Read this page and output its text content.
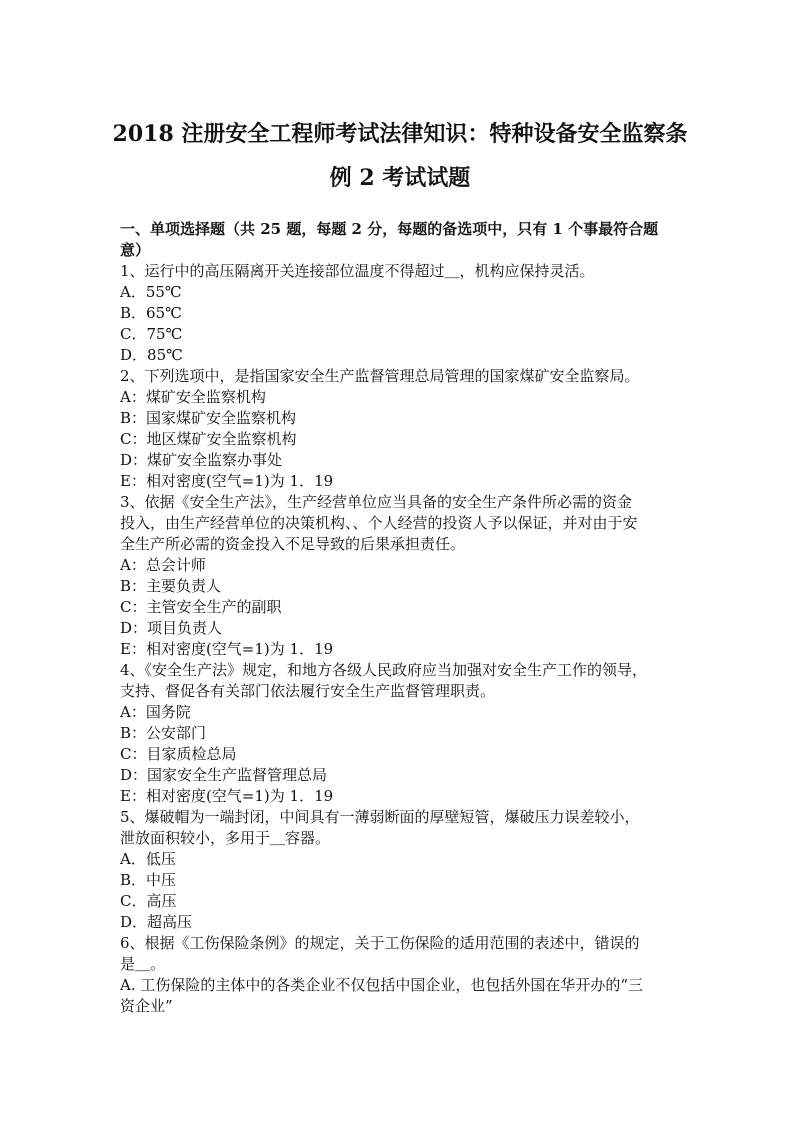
2018 注册安全工程师考试法律知识：特种设备安全监察条
例 2 考试试题
一、单项选择题（共 25 题，每题 2 分，每题的备选项中，只有 1 个事最符合题
意）
1、运行中的高压隔离开关连接部位温度不得超过＿，机构应保持灵活。
A．55℃
B．65℃
C．75℃
D．85℃
2、下列选项中，是指国家安全生产监督管理总局管理的国家煤矿安全监察局。
A：煤矿安全监察机构
B：国家煤矿安全监察机构
C：地区煤矿安全监察机构
D：煤矿安全监察办事处
E：相对密度(空气=1)为 1．19
3、依据《安全生产法》，生产经营单位应当具备的安全生产条件所必需的资金
投入，由生产经营单位的决策机构、、个人经营的投资人予以保证，并对由于安
全生产所必需的资金投入不足导致的后果承担责任。
A：总会计师
B：主要负责人
C：主管安全生产的副职
D：项目负责人
E：相对密度(空气=1)为 1．19
4、《安全生产法》规定，和地方各级人民政府应当加强对安全生产工作的领导，
支持、督促各有关部门依法履行安全生产监督管理职责。
A：国务院
B：公安部门
C：目家质检总局
D：国家安全生产监督管理总局
E：相对密度(空气=1)为 1．19
5、爆破帽为一端封闭，中间具有一薄弱断面的厚壁短管，爆破压力误差较小，
泄放面积较小，多用于＿容器。
A．低压
B．中压
C．高压
D．超高压
6、根据《工伤保险条例》的规定，关于工伤保险的适用范围的表述中，错误的
是＿。
A. 工伤保险的主体中的各类企业不仅包括中国企业，也包括外国在华开办的“三
资企业”
